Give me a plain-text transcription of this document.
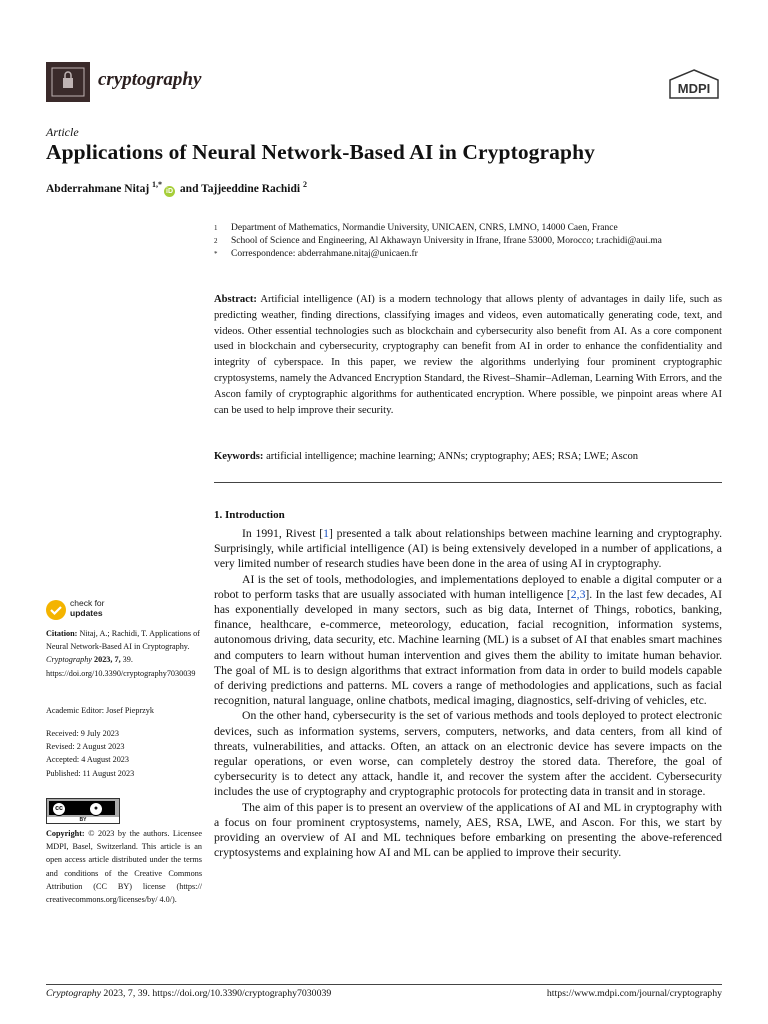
cryptography	MDPI
Article
Applications of Neural Network-Based AI in Cryptography
Abderrahmane Nitaj $^{1,*}$iD and Tajjeeddine Rachidi $^2$
1	Department of Mathematics, Normandie University, UNICAEN, CNRS, LMNO, 14000 Caen, France
2	School of Science and Engineering, Al Akhawayn University in Ifrane, Ifrane 53000, Morocco; t.rachidi@aui.ma
*	Correspondence: abderrahmane.nitaj@unicaen.fr
Abstract: Artificial intelligence (AI) is a modern technology that allows plenty of advantages in daily life, such as predicting weather, finding directions, classifying images and videos, even automatically generating code, text, and videos. Other essential technologies such as blockchain and cybersecurity also benefit from AI. As a core component used in blockchain and cybersecurity, cryptography can benefit from AI in order to enhance the confidentiality and integrity of cyberspace. In this paper, we review the algorithms underlying four prominent cryptographic cryptosystems, namely the Advanced Encryption Standard, the Rivest–Shamir–Adleman, Learning With Errors, and the Ascon family of cryptographic algorithms for authenticated encryption. Where possible, we pinpoint areas where AI can be used to help improve their security.
Keywords: artificial intelligence; machine learning; ANNs; cryptography; AES; RSA; LWE; Ascon
1. Introduction

In 1991, Rivest [1] presented a talk about relationships between machine learning and cryptography. Surprisingly, while artificial intelligence (AI) is being extensively developed in a number of applications, a very limited number of research studies have been done in the area of using AI in cryptography.

AI is the set of tools, methodologies, and implementations deployed to enable a digital computer or a robot to perform tasks that are usually associated with human intelligence [2,3]. In the last few decades, AI has exponentially developed in many sectors, such as big data, Internet of Things, robotics, banking, finance, healthcare, e-commerce, meteorology, education, facial recognition, information systems, autonomous driving, data security, etc. Machine learning (ML) is a subset of AI that enables smart machines and computers to learn without human intervention and gives them the ability to imitate human behavior. The goal of ML is to design algorithms that extract information from data in order to build models capable of deriving predictions and patterns. ML covers a range of methodologies and applications, such as facial recognition, natural language, online chatbots, medical imaging, diagnostics, self-driving of vehicles, etc.

On the other hand, cybersecurity is the set of various methods and tools deployed to protect electronic devices, such as information systems, servers, computers, networks, and data centers, from all kind of threats, vulnerabilities, and attacks. Often, an attack on an electronic device has severe impacts on the regular operations, or even worse, can completely destroy the stored data. Therefore, the goal of cybersecurity is to detect any attack, handle it, and recover the system after the accident. Cybersecurity includes the use of cryptography and cryptographic protocols for protecting data in transit and in storage.

The aim of this paper is to present an overview of the applications of AI and ML in cryptography with a focus on four prominent cryptosystems, namely, AES, RSA, LWE, and Ascon. For this, we start by providing an overview of AI and ML techniques before embarking on presenting the above-referenced cryptosystems and explaining how AI and ML can be applied to improve their security.

check for
updates
Citation: Nitaj, A.; Rachidi, T. Applications of Neural Network-Based AI in Cryptography. Cryptography 2023, 7, 39. https://doi.org/10.3390/cryptography7030039
Academic Editor: Josef Pieprzyk
Received: 9 July 2023
Revised: 2 August 2023
Accepted: 4 August 2023
Published: 11 August 2023
cc	●
BY
Copyright: © 2023 by the authors. Licensee MDPI, Basel, Switzerland. This article is an open access article distributed under the terms and conditions of the Creative Commons Attribution (CC BY) license (https:// creativecommons.org/licenses/by/ 4.0/).
Cryptography 2023, 7, 39. https://doi.org/10.3390/cryptography7030039	https://www.mdpi.com/journal/cryptography
